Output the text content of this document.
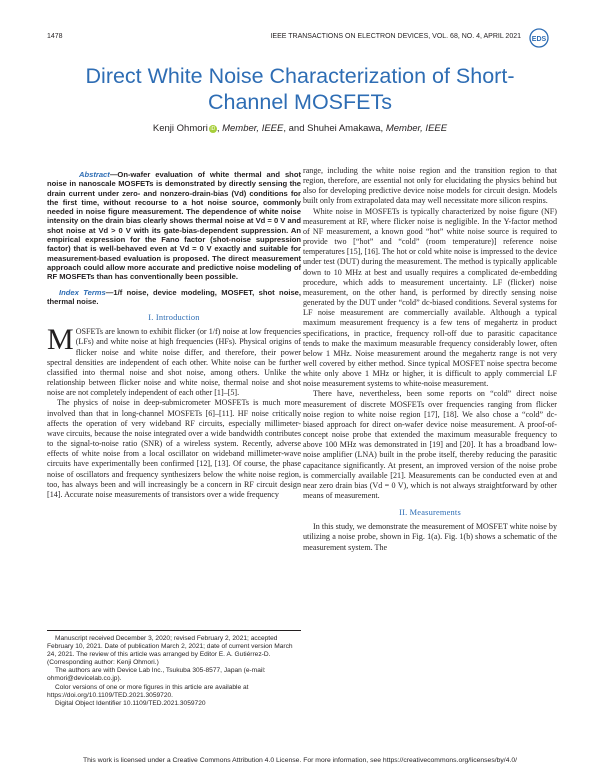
1478	IEEE TRANSACTIONS ON ELECTRON DEVICES, VOL. 68, NO. 4, APRIL 2021 EDS
Direct White Noise Characterization of Short-Channel MOSFETs
Kenji Ohmori iD , Member, IEEE, and Shuhei Amakawa, Member, IEEE

Abstract—On-wafer evaluation of white thermal and shot noise in nanoscale MOSFETs is demonstrated by directly sensing the drain current under zero- and nonzero-drain-bias (Vd) conditions for the first time, without recourse to a hot noise source, commonly needed in noise figure measurement. The dependence of white noise intensity on the drain bias clearly shows thermal noise at Vd = 0 V and shot noise at Vd > 0 V with its gate-bias-dependent suppression. An empirical expression for the Fano factor (shot-noise suppression factor) that is well-behaved even at Vd = 0 V exactly and suitable for measurement-based evaluation is proposed. The direct measurement approach could allow more accurate and predictive noise modeling of RF MOSFETs than has conventionally been possible.

Index Terms—1/f noise, device modeling, MOSFET, shot noise, thermal noise.

I. Introduction

M OSFETs are known to exhibit flicker (or 1/f) noise at low frequencies (LFs) and white noise at high frequencies (HFs). Physical origins of flicker noise and white noise differ, and therefore, their power spectral densities are independent of each other. White noise can be further classified into thermal noise and shot noise, among others. Unlike the relationship between flicker noise and white noise, thermal noise and shot noise are not completely independent of each other [1]–[5].

The physics of noise in deep-submicrometer MOSFETs is much more involved than that in long-channel MOSFETs [6]–[11]. HF noise critically affects the operation of very wideband RF circuits, especially millimeter-wave circuits, because the noise integrated over a wide bandwidth contributes to the signal-to-noise ratio (SNR) of a wireless system. Recently, adverse effects of white noise from a local oscillator on wideband millimeter-wave circuits have experimentally been confirmed [12], [13]. Of course, the phase noise of oscillators and frequency synthesizers below the white noise region, too, has always been and will increasingly be a concern in RF circuit design [14]. Accurate noise measurements of transistors over a wide frequency

Manuscript received December 3, 2020; revised February 2, 2021; accepted February 10, 2021. Date of publication March 2, 2021; date of current version March 24, 2021. The review of this article was arranged by Editor E. A. Gutiérrez-D. (Corresponding author: Kenji Ohmori.)

The authors are with Device Lab Inc., Tsukuba 305-8577, Japan (e-mail: ohmori@devicelab.co.jp).

Color versions of one or more figures in this article are available at https://doi.org/10.1109/TED.2021.3059720.

Digital Object Identifier 10.1109/TED.2021.3059720

range, including the white noise region and the transition region to that region, therefore, are essential not only for elucidating the physics behind but also for developing predictive device noise models for circuit design. Models built only from extrapolated data may well necessitate more silicon respins.

White noise in MOSFETs is typically characterized by noise figure (NF) measurement at RF, where flicker noise is negligible. In the Y-factor method of NF measurement, a known good “hot” white noise source is required to provide two [“hot” and “cold” (room temperature)] reference noise temperatures [15], [16]. The hot or cold white noise is impressed to the device under test (DUT) during the measurement. The method is typically applicable down to 10 MHz at best and usually requires a complicated de-embedding procedure, which adds to measurement uncertainty. LF (flicker) noise measurement, on the other hand, is performed by directly sensing noise generated by the DUT under “cold” dc-biased conditions. Several systems for LF noise measurement are commercially available. Although a typical maximum measurement frequency is a few tens of megahertz in product specifications, in practice, frequency roll-off due to parasitic capacitance tends to make the maximum measurable frequency considerably lower, often below 1 MHz. Noise measurement around the megahertz range is not very well covered by either method. Since typical MOSFET noise spectra become white only above 1 MHz or higher, it is difficult to apply commercial LF noise measurement systems to white-noise measurement.

There have, nevertheless, been some reports on “cold” direct noise measurement of discrete MOSFETs over frequencies ranging from flicker noise region to white noise region [17], [18]. We also chose a “cold” dc-biased approach for direct on-wafer device noise measurement. A proof-of-concept noise probe that extended the maximum measurable frequency to above 100 MHz was demonstrated in [19] and [20]. It has a broadband low-noise amplifier (LNA) built in the probe itself, thereby reducing the parasitic capacitance significantly. At present, an improved version of the noise probe is commercially available [21]. Measurements can be conducted even at and near zero drain bias (Vd = 0 V), which is not always straightforward by other means of measurement.

II. Measurements

In this study, we demonstrate the measurement of MOSFET white noise by utilizing a noise probe, shown in Fig. 1(a). Fig. 1(b) shows a schematic of the measurement system. The

This work is licensed under a Creative Commons Attribution 4.0 License. For more information, see https://creativecommons.org/licenses/by/4.0/
